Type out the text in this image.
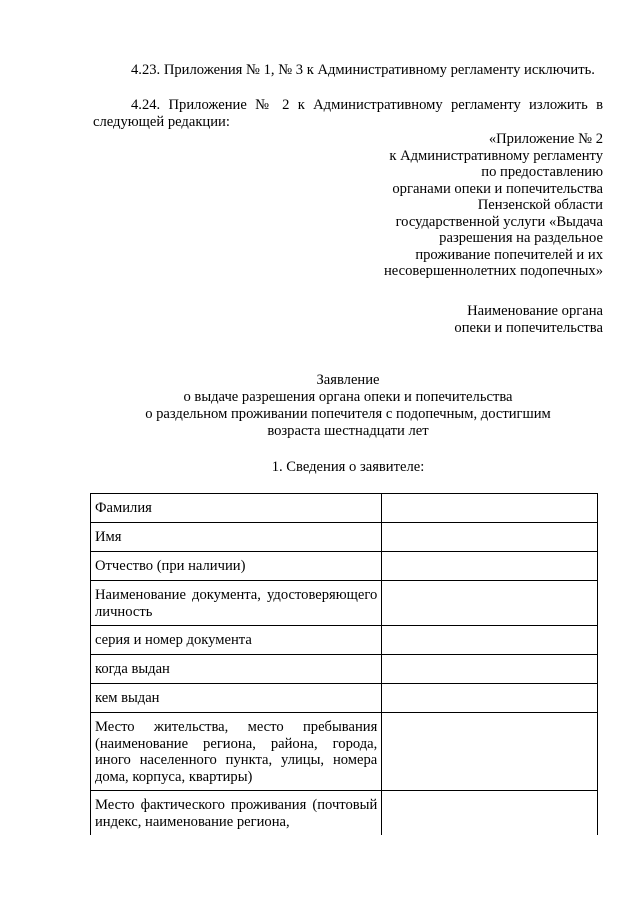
4.23. Приложения № 1, № 3 к Административному регламенту исключить.
4.24. Приложение № 2 к Административному регламенту изложить в следующей редакции:
«Приложение № 2
к Административному регламенту
по предоставлению
органами опеки и попечительства
Пензенской области
государственной услуги «Выдача
разрешения на раздельное
проживание попечителей и их
несовершеннолетних подопечных»
Наименование органа
опеки и попечительства
Заявление
о выдаче разрешения органа опеки и попечительства
о раздельном проживании попечителя с подопечным, достигшим
возраста шестнадцати лет
1. Сведения о заявителе:
Фамилия	
Имя	
Отчество (при наличии)	
Наименование документа, удостоверяющего личность	
серия и номер документа	
когда выдан	
кем выдан	
Место жительства, место пребывания (наименование региона, района, города, иного населенного пункта, улицы, номера дома, корпуса, квартиры)	
Место фактического проживания (почтовый индекс, наименование региона,	
